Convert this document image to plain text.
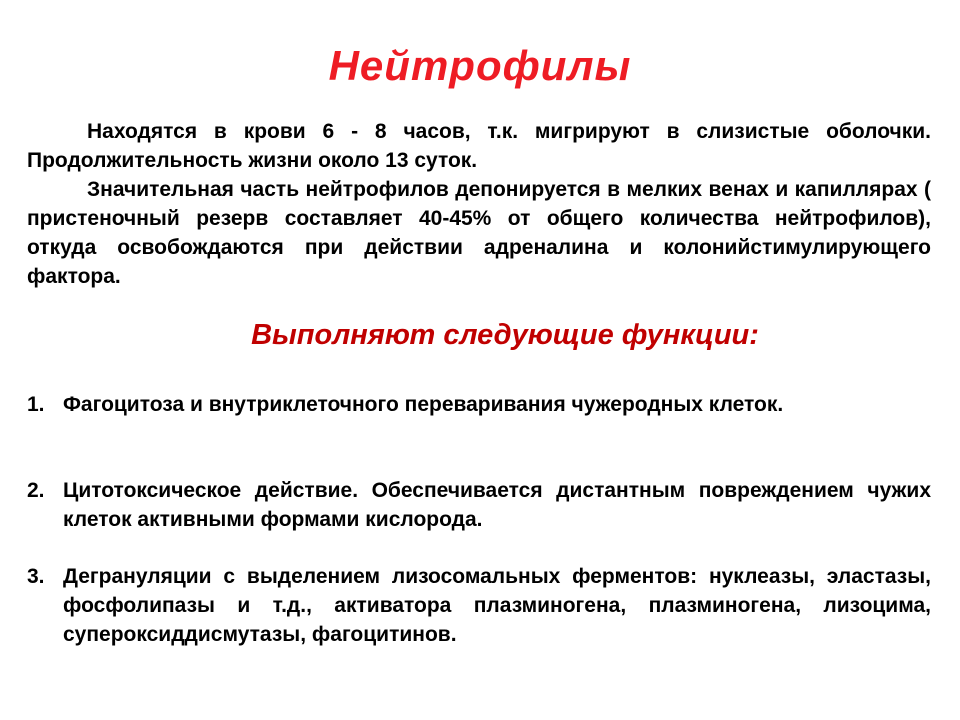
Нейтрофилы

Находятся в крови 6 - 8 часов, т.к. мигрируют в слизистые оболочки. Продолжительность жизни около 13 суток.

Значительная часть нейтрофилов депонируется в мелких венах и капиллярах ( пристеночный резерв составляет 40-45% от общего количества нейтрофилов), откуда освобождаются при действии адреналина и колонийстимулирующего фактора.

Выполняют следующие функции:
1. Фагоцитоза и внутриклеточного переваривания чужеродных клеток.
2. Цитотоксическое действие. Обеспечивается дистантным повреждением чужих клеток активными формами кислорода.
3. Дегрануляции с выделением лизосомальных ферментов: нуклеазы, эластазы, фосфолипазы и т.д., активатора плазминогена, плазминогена, лизоцима, супероксиддисмутазы, фагоцитинов.
